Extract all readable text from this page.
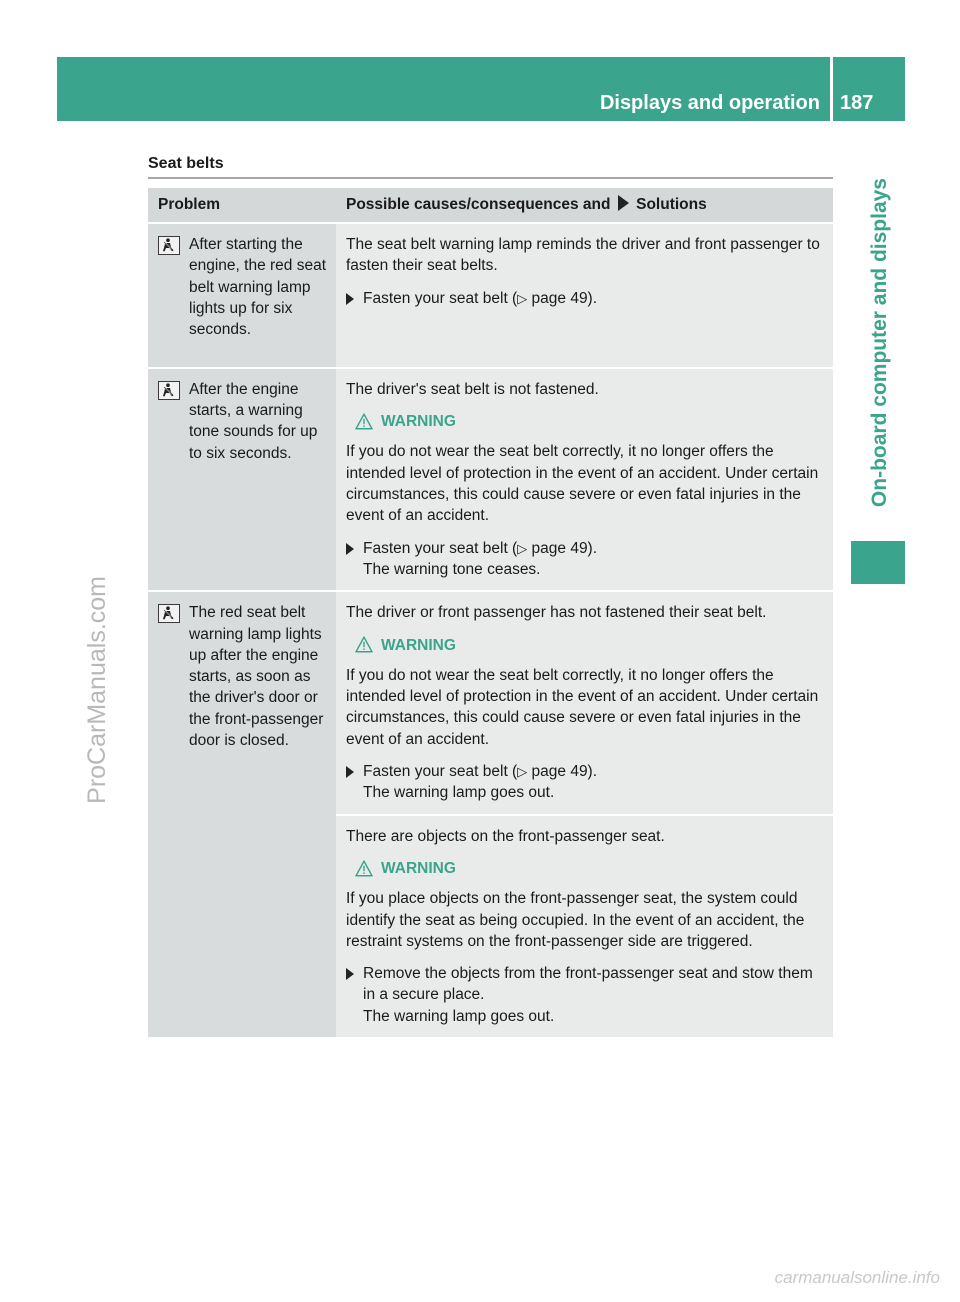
Displays and operation 187
On-board computer and displays
ProCarManuals.com
carmanualsonline.info
Seat belts
Problem	Possible causes/consequences and Solutions

After starting the engine, the red seat belt warning lamp lights up for six seconds.	The seat belt warning lamp reminds the driver and front passenger to fasten their seat belts.

Fasten your seat belt (▷ page 49).

After the engine starts, a warning tone sounds for up to six seconds.	The driver's seat belt is not fastened.

WARNING

If you do not wear the seat belt correctly, it no longer offers the intended level of protection in the event of an accident. Under certain circumstances, this could cause severe or even fatal injuries in the event of an accident.

Fasten your seat belt (▷ page 49).
The warning tone ceases.

The red seat belt warning lamp lights up after the engine starts, as soon as the driver's door or the front-passenger door is closed.	The driver or front passenger has not fastened their seat belt.

WARNING

If you do not wear the seat belt correctly, it no longer offers the intended level of protection in the event of an accident. Under certain circumstances, this could cause severe or even fatal injuries in the event of an accident.

Fasten your seat belt (▷ page 49).
The warning lamp goes out.

	There are objects on the front-passenger seat.

WARNING

If you place objects on the front-passenger seat, the system could identify the seat as being occupied. In the event of an accident, the restraint systems on the front-passenger side are triggered.

Remove the objects from the front-passenger seat and stow them in a secure place.
The warning lamp goes out.
